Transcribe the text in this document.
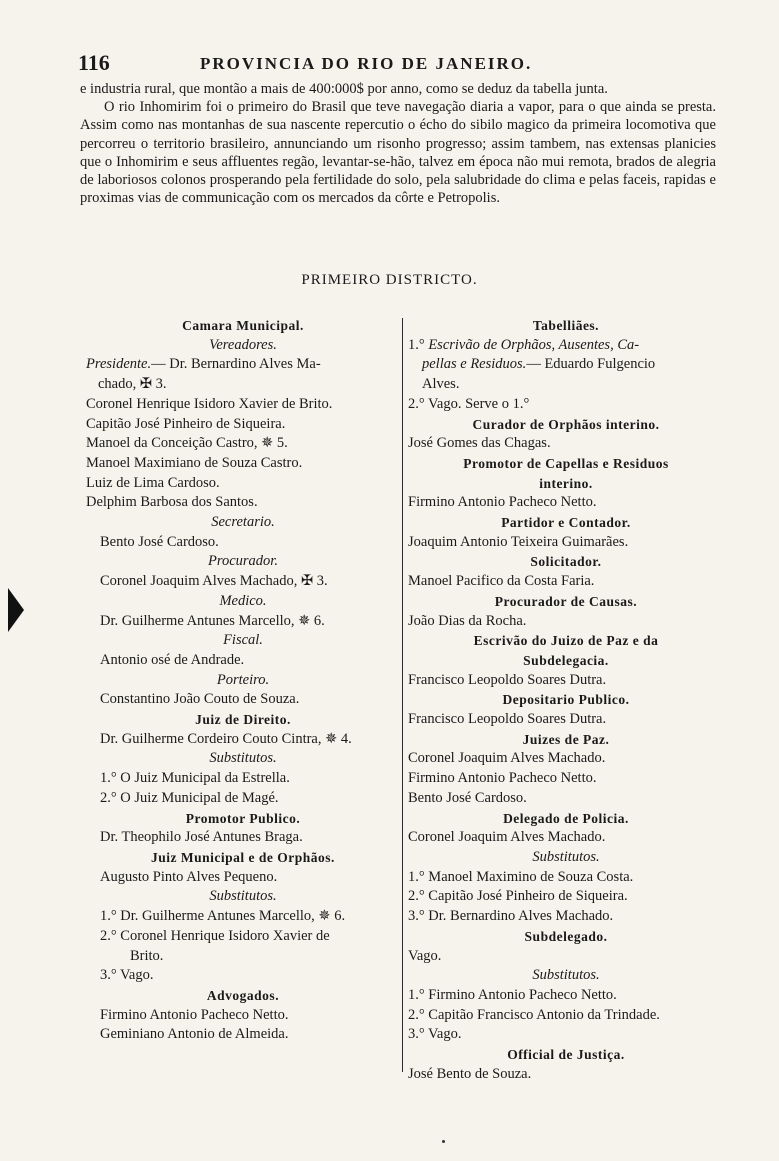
116	PROVINCIA DO RIO DE JANEIRO.

e industria rural, que montão a mais de 400:000$ por anno, como se deduz da tabella junta.

O rio Inhomirim foi o primeiro do Brasil que teve navegação diaria a vapor, para o que ainda se presta. Assim como nas montanhas de sua nascente repercutio o écho do sibilo magico da primeira locomotiva que percorreu o territorio brasileiro, annunciando um risonho progresso; assim tambem, nas extensas planicies que o Inhomirim e seus affluentes regão, levantar-se-hão, talvez em época não mui remota, brados de alegria de laboriosos colonos prosperando pela fertilidade do solo, pela salubridade do clima e pelas faceis, rapidas e proximas vias de communicação com os mercados da côrte e Petropolis.

PRIMEIRO DISTRICTO.
Camara Municipal.
Vereadores.
Presidente.— Dr. Bernardino Alves Ma-
chado, ✠ 3.
Coronel Henrique Isidoro Xavier de Brito.
Capitão José Pinheiro de Siqueira.
Manoel da Conceição Castro, ✵ 5.
Manoel Maximiano de Souza Castro.
Luiz de Lima Cardoso.
Delphim Barbosa dos Santos.
Secretario.
Bento José Cardoso.
Procurador.
Coronel Joaquim Alves Machado, ✠ 3.
Medico.
Dr. Guilherme Antunes Marcello, ✵ 6.
Fiscal.
Antonio osé de Andrade.
Porteiro.
Constantino João Couto de Souza.
Juiz de Direito.
Dr. Guilherme Cordeiro Couto Cintra, ✵ 4.
Substitutos.
1.° O Juiz Municipal da Estrella.
2.° O Juiz Municipal de Magé.
Promotor Publico.
Dr. Theophilo José Antunes Braga.
Juiz Municipal e de Orphãos.
Augusto Pinto Alves Pequeno.
Substitutos.
1.° Dr. Guilherme Antunes Marcello, ✵ 6.
2.° Coronel Henrique Isidoro Xavier de
Brito.
3.° Vago.
Advogados.
Firmino Antonio Pacheco Netto.
Geminiano Antonio de Almeida.
Tabelliães.
1.° Escrivão de Orphãos, Ausentes, Ca-
pellas e Residuos.— Eduardo Fulgencio
Alves.
2.° Vago. Serve o 1.°
Curador de Orphãos interino.
José Gomes das Chagas.
Promotor de Capellas e Residuos
interino.
Firmino Antonio Pacheco Netto.
Partidor e Contador.
Joaquim Antonio Teixeira Guimarães.
Solicitador.
Manoel Pacifico da Costa Faria.
Procurador de Causas.
João Dias da Rocha.
Escrivão do Juizo de Paz e da
Subdelegacia.
Francisco Leopoldo Soares Dutra.
Depositario Publico.
Francisco Leopoldo Soares Dutra.
Juizes de Paz.
Coronel Joaquim Alves Machado.
Firmino Antonio Pacheco Netto.
Bento José Cardoso.
Delegado de Policia.
Coronel Joaquim Alves Machado.
Substitutos.
1.° Manoel Maximino de Souza Costa.
2.° Capitão José Pinheiro de Siqueira.
3.° Dr. Bernardino Alves Machado.
Subdelegado.
Vago.
Substitutos.
1.° Firmino Antonio Pacheco Netto.
2.° Capitão Francisco Antonio da Trindade.
3.° Vago.
Official de Justiça.
José Bento de Souza.
